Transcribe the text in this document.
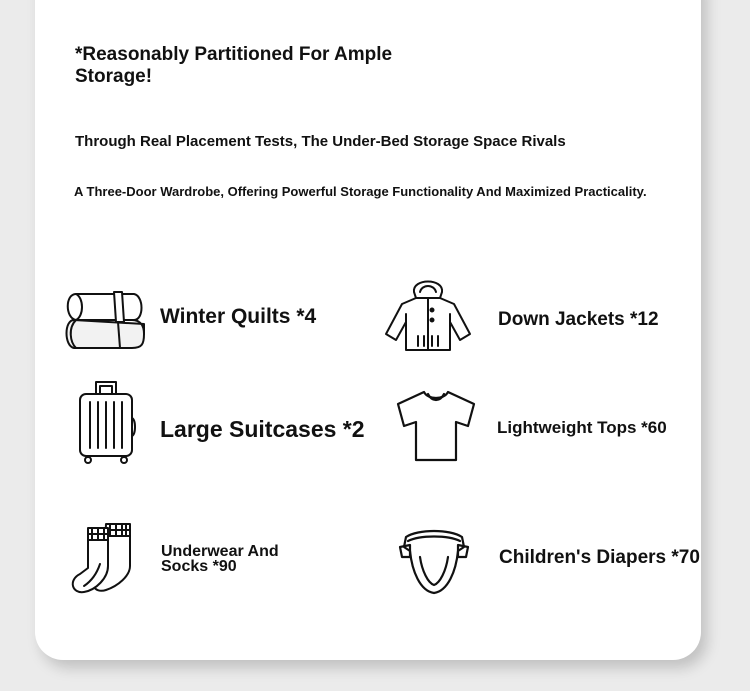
*Reasonably Partitioned For Ample Storage!

Through Real Placement Tests, The Under-Bed Storage Space Rivals

A Three-Door Wardrobe, Offering Powerful Storage Functionality And Maximized Practicality.

Winter Quilts *4	Down Jackets *12

Large Suitcases *2	Lightweight Tops *60

Underwear And Socks *90	Children's Diapers *70
